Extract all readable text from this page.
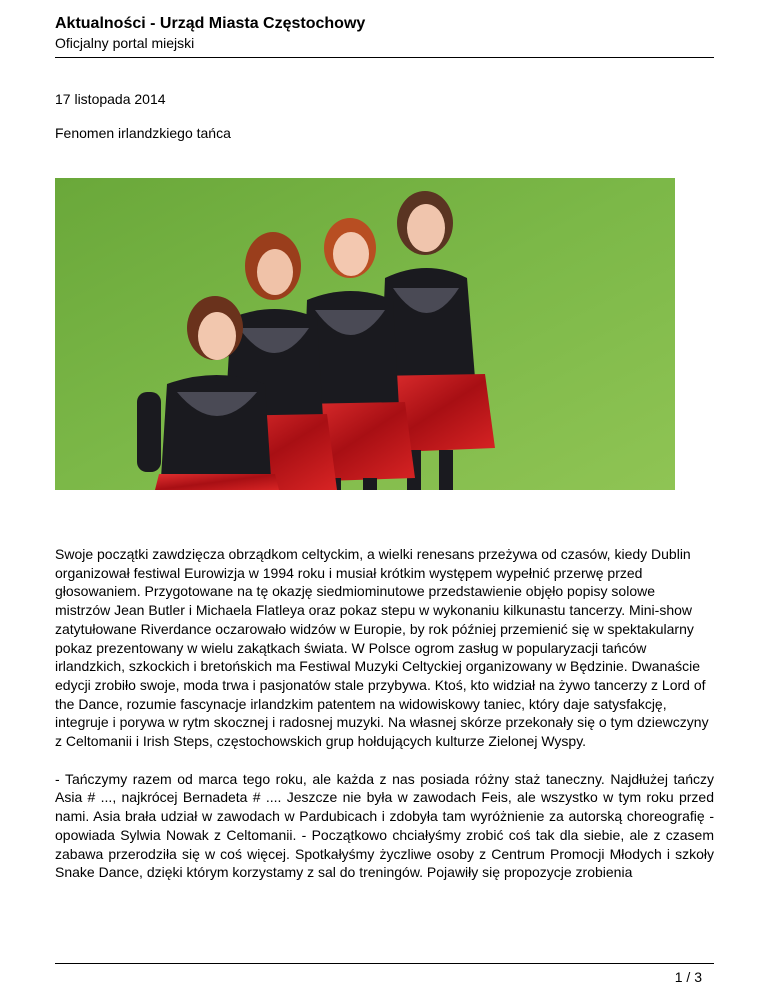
Aktualności - Urząd Miasta Częstochowy
Oficjalny portal miejski
17 listopada 2014
Fenomen irlandzkiego tańca

Swoje początki zawdzięcza obrządkom celtyckim, a wielki renesans przeżywa od czasów, kiedy Dublin organizował festiwal Eurowizja w 1994 roku i musiał krótkim występem wypełnić przerwę przed głosowaniem. Przygotowane na tę okazję siedmiominutowe przedstawienie objęło popisy solowe mistrzów Jean Butler i Michaela Flatleya oraz pokaz stepu w wykonaniu kilkunastu tancerzy. Mini-show zatytułowane Riverdance oczarowało widzów w Europie, by rok później przemienić się w spektakularny pokaz prezentowany w wielu zakątkach świata. W Polsce ogrom zasług w popularyzacji tańców irlandzkich, szkockich i bretońskich ma Festiwal Muzyki Celtyckiej organizowany w Będzinie. Dwanaście edycji zrobiło swoje, moda trwa i pasjonatów stale przybywa. Ktoś, kto widział na żywo tancerzy z Lord of the Dance, rozumie fascynacje irlandzkim patentem na widowiskowy taniec, który daje satysfakcję, integruje i porywa w rytm skocznej i radosnej muzyki. Na własnej skórze przekonały się o tym dziewczyny z Celtomanii i Irish Steps, częstochowskich grup hołdujących kulturze Zielonej Wyspy.

- Tańczymy razem od marca tego roku, ale każda z nas posiada różny staż taneczny. Najdłużej tańczy Asia # ..., najkrócej Bernadeta # .... Jeszcze nie była w zawodach Feis, ale wszystko w tym roku przed nami. Asia brała udział w zawodach w Pardubicach i zdobyła tam wyróżnienie za autorską choreografię - opowiada Sylwia Nowak z Celtomanii. - Początkowo chciałyśmy zrobić coś tak dla siebie, ale z czasem zabawa przerodziła się w coś więcej. Spotkałyśmy życzliwe osoby z Centrum Promocji Młodych i szkoły Snake Dance, dzięki którym korzystamy z sal do treningów. Pojawiły się propozycje zrobienia

1 / 3
